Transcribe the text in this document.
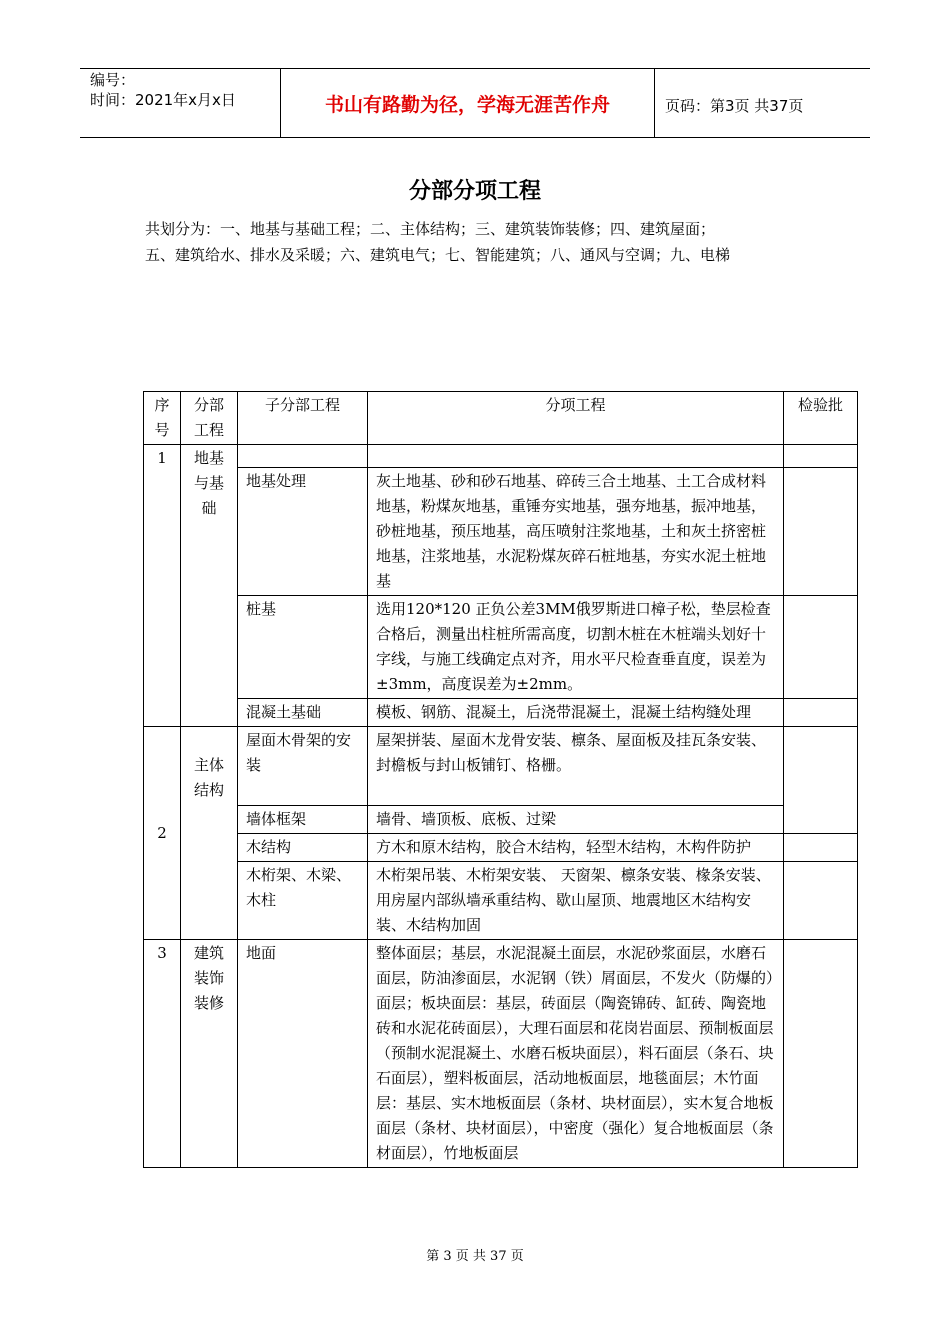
编号：
时间：2021年x月x日	书山有路勤为径，学海无涯苦作舟	页码：第3页 共37页
分部分项工程
共划分为：一、地基与基础工程；二、主体结构；三、建筑装饰装修；四、建筑屋面；
五、建筑给水、排水及采暖；六、建筑电气；七、智能建筑；八、通风与空调；九、电梯
序号	分部工程	子分部工程	分项工程	检验批
1	地基与基础			
		地基处理	灰土地基、砂和砂石地基、碎砖三合土地基、土工合成材料地基，粉煤灰地基，重锤夯实地基，强夯地基，振冲地基，砂桩地基，预压地基，高压喷射注浆地基，土和灰土挤密桩地基，注浆地基，水泥粉煤灰碎石桩地基，夯实水泥土桩地基	
		桩基	选用120*120 正负公差3MM俄罗斯进口樟子松，垫层检查合格后，测量出柱桩所需高度，切割木桩在木桩端头划好十字线，与施工线确定点对齐，用水平尺检查垂直度，误差为±3mm，高度误差为±2mm。	
		混凝土基础	模板、钢筋、混凝土，后浇带混凝土，混凝土结构缝处理	
2	主体结构	屋面木骨架的安装	屋架拼装、屋面木龙骨安装、檩条、屋面板及挂瓦条安装、封檐板与封山板铺钉、格栅。	
		墙体框架	墙骨、墙顶板、底板、过梁	
		木结构	方木和原木结构，胶合木结构，轻型木结构，木构件防护	
		木桁架、木梁、木柱	木桁架吊装、木桁架安装、 天窗架、檩条安装、椽条安装、用房屋内部纵墙承重结构、歇山屋顶、地震地区木结构安装、木结构加固	
3	建筑装饰装修	地面	整体面层；基层，水泥混凝土面层，水泥砂浆面层，水磨石面层，防油渗面层，水泥钢（铁）屑面层，不发火（防爆的）面层；板块面层：基层，砖面层（陶瓷锦砖、缸砖、陶瓷地砖和水泥花砖面层），大理石面层和花岗岩面层、预制板面层（预制水泥混凝土、水磨石板块面层），料石面层（条石、块石面层），塑料板面层，活动地板面层，地毯面层；木竹面层：基层、实木地板面层（条材、块材面层），实木复合地板面层（条材、块材面层），中密度（强化）复合地板面层（条材面层），竹地板面层	
第 3 页 共 37 页
